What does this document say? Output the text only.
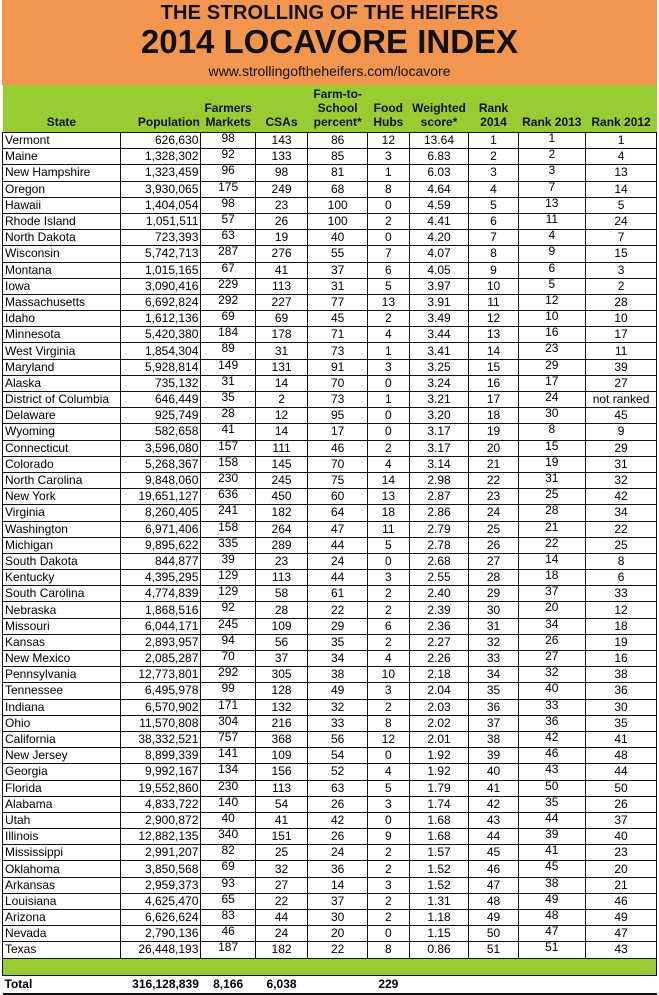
THE STROLLING OF THE HEIFERS
2014 LOCAVORE INDEX
www.strollingoftheheifers.com/locavore
State	Population	Farmers Markets	CSAs	Farm-to-School percent*	Food Hubs	Weighted score*	Rank 2014	Rank 2013	Rank 2012
Vermont	626,630	98	143	86	12	13.64	1	1	1
Maine	1,328,302	92	133	85	3	6.83	2	2	4
New Hampshire	1,323,459	96	98	81	1	6.03	3	3	13
Oregon	3,930,065	175	249	68	8	4.64	4	7	14
Hawaii	1,404,054	98	23	100	0	4.59	5	13	5
Rhode Island	1,051,511	57	26	100	2	4.41	6	11	24
North Dakota	723,393	63	19	40	0	4.20	7	4	7
Wisconsin	5,742,713	287	276	55	7	4.07	8	9	15
Montana	1,015,165	67	41	37	6	4.05	9	6	3
Iowa	3,090,416	229	113	31	5	3.97	10	5	2
Massachusetts	6,692,824	292	227	77	13	3.91	11	12	28
Idaho	1,612,136	69	69	45	2	3.49	12	10	10
Minnesota	5,420,380	184	178	71	4	3.44	13	16	17
West Virginia	1,854,304	89	31	73	1	3.41	14	23	11
Maryland	5,928,814	149	131	91	3	3.25	15	29	39
Alaska	735,132	31	14	70	0	3.24	16	17	27
District of Columbia	646,449	35	2	73	1	3.21	17	24	not ranked
Delaware	925,749	28	12	95	0	3.20	18	30	45
Wyoming	582,658	41	14	17	0	3.17	19	8	9
Connecticut	3,596,080	157	111	46	2	3.17	20	15	29
Colorado	5,268,367	158	145	70	4	3.14	21	19	31
North Carolina	9,848,060	230	245	75	14	2.98	22	31	32
New York	19,651,127	636	450	60	13	2.87	23	25	42
Virginia	8,260,405	241	182	64	18	2.86	24	28	34
Washington	6,971,406	158	264	47	11	2.79	25	21	22
Michigan	9,895,622	335	289	44	5	2.78	26	22	25
South Dakota	844,877	39	23	24	0	2.68	27	14	8
Kentucky	4,395,295	129	113	44	3	2.55	28	18	6
South Carolina	4,774,839	129	58	61	2	2.40	29	37	33
Nebraska	1,868,516	92	28	22	2	2.39	30	20	12
Missouri	6,044,171	245	109	29	6	2.36	31	34	18
Kansas	2,893,957	94	56	35	2	2.27	32	26	19
New Mexico	2,085,287	70	37	34	4	2.26	33	27	16
Pennsylvania	12,773,801	292	305	38	10	2.18	34	32	38
Tennessee	6,495,978	99	128	49	3	2.04	35	40	36
Indiana	6,570,902	171	132	32	2	2.03	36	33	30
Ohio	11,570,808	304	216	33	8	2.02	37	36	35
California	38,332,521	757	368	56	12	2.01	38	42	41
New Jersey	8,899,339	141	109	54	0	1.92	39	46	48
Georgia	9,992,167	134	156	52	4	1.92	40	43	44
Florida	19,552,860	230	113	63	5	1.79	41	50	50
Alabama	4,833,722	140	54	26	3	1.74	42	35	26
Utah	2,900,872	40	41	42	0	1.68	43	44	37
Illinois	12,882,135	340	151	26	9	1.68	44	39	40
Mississippi	2,991,207	82	25	24	2	1.57	45	41	23
Oklahoma	3,850,568	69	32	36	2	1.52	46	45	20
Arkansas	2,959,373	93	27	14	3	1.52	47	38	21
Louisiana	4,625,470	65	22	37	2	1.31	48	49	46
Arizona	6,626,624	83	44	30	2	1.18	49	48	49
Nevada	2,790,136	46	24	20	0	1.15	50	47	47
Texas	26,448,193	187	182	22	8	0.86	51	51	43

Total	316,128,839	8,166	6,038		229				
